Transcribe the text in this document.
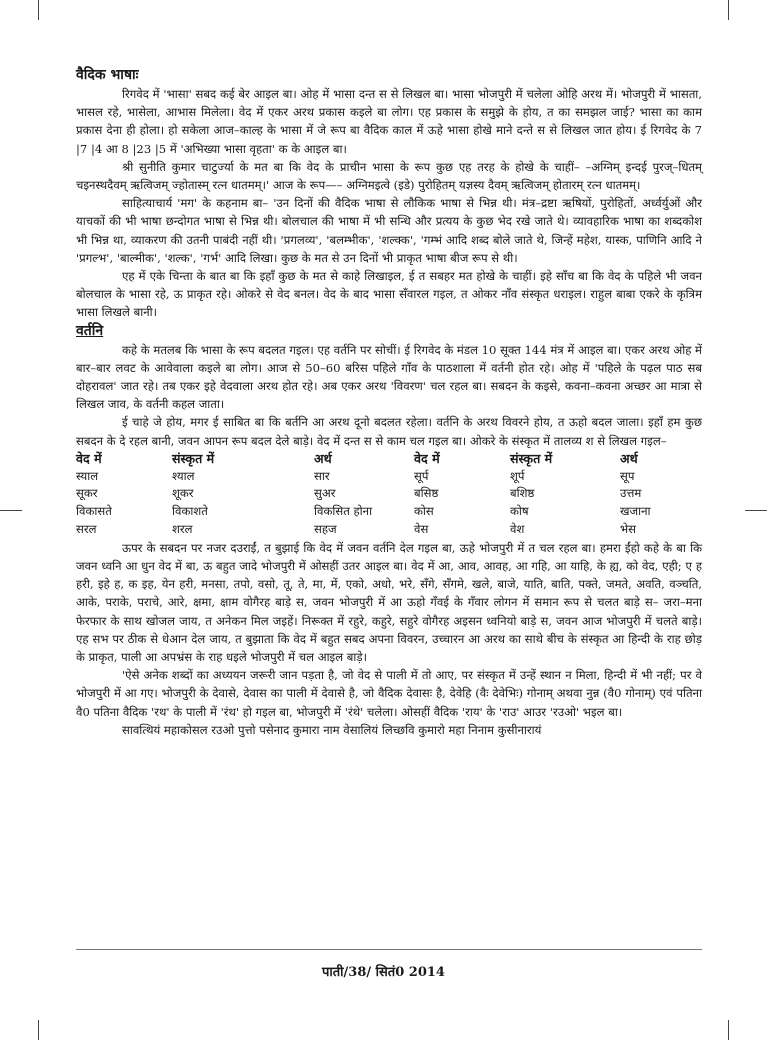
वैदिक भाषाः

रिगवेद में 'भासा' सबद कई बेर आइल बा। ओह में भासा दन्त स से लिखल बा। भासा भोजपुरी में चलेला ओहि अरथ में। भोजपुरी में भासता, भासल रहे, भासेला, आभास मिलेला। वेद में एकर अरथ प्रकास कइले बा लोग। एह प्रकास के समुझे के होय, त का समझल जाई? भासा का काम प्रकास देना ही होला। हो सकेला आज–काल्ह के भासा में जे रूप बा वैदिक काल में ऊहे भासा होखे माने दन्ते स से लिखल जात होय। ई रिगवेद के 7 |7 |4 आ 8 |23 |5 में 'अभिख्या भासा वृहता' क के आइल बा।

श्री सुनीति कुमार चाटुर्ज्या के मत बा कि वेद के प्राचीन भासा के रूप कुछ एह तरह के होखे के चाहीं– –अग्निम् इन्दई पुरज्–धितम् चइनस्थदैवम् ऋत्विजम् ज्होतास्म् रत्न धातमम्।' आज के रूप—– अग्निमइत्वे (इडे) पुरोहितम् यज्ञस्य दैवम् ऋत्विजम् होतारम् रत्न धातमम्।

साहित्याचार्य 'मग' के कहनाम बा– 'उन दिनों की वैदिक भाषा से लौकिक भाषा से भिन्न थी। मंत्र–द्रष्टा ऋषियों, पुरोहितों, अर्ध्वर्युओं और याचकों की भी भाषा छन्दोगत भाषा से भिन्न थी। बोलचाल की भाषा में भी सन्धि और प्रत्यय के कुछ भेद रखे जाते थे। व्यावहारिक भाषा का शब्दकोश भी भिन्न था, व्याकरण की उतनी पाबंदी नहीं थी। 'प्रगलव्य', 'बलम्भीक', 'शल्क्क', 'गम्भं आदि शब्द बोले जाते थे, जिन्हें महेश, यास्क, पाणिनि आदि ने 'प्रगल्भ', 'बाल्मीक', 'शल्क', 'गर्भ' आदि लिखा। कुछ के मत से उन दिनों भी प्राकृत भाषा बीज रूप से थी।

एह में एके चिन्ता के बात बा कि इहाँ कुछ के मत से काहे लिखाइल, ई त सबहर मत होखे के चाहीं। इहे साँच बा कि वेद के पहिले भी जवन बोलचाल के भासा रहे, ऊ प्राकृत रहे। ओकरे से वेद बनल। वेद के बाद भासा सँवारल गइल, त ओकर नाँव संस्कृत धराइल। राहुल बाबा एकरे के कृत्रिम भासा लिखले बानी।

वर्तनि

कहे के मतलब कि भासा के रूप बदलत गइल। एह वर्तनि पर सोचीं। ई रिगवेद के मंडल 10 सूक्त 144 मंत्र में आइल बा। एकर अरथ ओह में बार–बार लवट के आवेवाला कइले बा लोग। आज से 50–60 बरिस पहिले गाँव के पाठशाला में वर्तनी होत रहे। ओह में 'पहिले के पढ़ल पाठ सब दोहरावल' जात रहे। तब एकर इहे वेदवाला अरथ होत रहे। अब एकर अरथ 'विवरण' चल रहल बा। सबदन के कइसे, कवना–कवना अच्छर आ मात्रा से लिखल जाव, के वर्तनी कहल जाता।

ई चाहे जे होय, मगर ई साबित बा कि बर्तनि आ अरथ दूनो बदलत रहेला। वर्तनि के अरथ विवरने होय, त ऊहो बदल जाला। इहाँ हम कुछ सबदन के दे रहल बानी, जवन आपन रूप बदल देले बाड़े। वेद में दन्त स से काम चल गइल बा। ओकरे के संस्कृत में तालव्य श से लिखल गइल–

वेद में	संस्कृत में	अर्थ	वेद में	संस्कृत में	अर्थ
स्याल	श्याल	सार	सूर्प	शूर्प	सूप
सूकर	शूकर	सुअर	बसिष्ठ	बशिष्ठ	उत्तम
विकासते	विकाशते	विकसित होना	कोस	कोष	खजाना
सरल	शरल	सहज	वेस	वेश	भेस

ऊपर के सबदन पर नजर दउराईं, त बुझाई कि वेद में जवन वर्तनि देल गइल बा, ऊहे भोजपुरी में त चल रहल बा। हमरा ईंहो कहे के बा कि जवन ध्वनि आ धुन वेद में बा, ऊ बहुत जादे भोजपुरी में ओसहीं उतर आइल बा। वेद में आ, आव, आवह, आ गहि, आ याहि, के ह्य, को वेद, एही; ए ह हरी, इहे ह, क इह, येन हरी, मनसा, तपो, वसो, तू, ते, मा, में, एको, अधो, भरे, सँगे, सँगमे, खले, बाजे, याति, बाति, पक्ते, जमते, अवति, वञ्चति, आके, पराके, पराचे, आरे, क्षमा, क्षाम वोगैरह बाड़े स, जवन भोजपुरी में आ ऊहो गँवई के गँवार लोगन में समान रूप से चलत बाड़े स– जरा–मना फेरफार के साथ खोजल जाय, त अनेकन मिल जइहें। निरूक्त में रहुरे, कहुरे, सहुरे वोगैरह अइसन ध्वनियो बाड़े स, जवन आज भोजपुरी में चलते बाड़े। एह सभ पर ठीक से धेआन देल जाय, त बुझाता कि वेद में बहुत सबद अपना विवरन, उच्चारन आ अरथ का साथे बीच के संस्कृत आ हिन्दी के राह छोड़ के प्राकृत, पाली आ अपभ्रंस के राह धइले भोजपुरी में चल आइल बाड़े।

'ऐसे अनेक शब्दों का अध्ययन जरूरी जान पड़ता है, जो वेद से पाली में तो आए, पर संस्कृत में उन्हें स्थान न मिला, हिन्दी में भी नहीं; पर वे भोजपुरी में आ गए। भोजपुरी के देवासे, देवास का पाली में देवासे है, जो वैदिक देवासः है, देवेहि (वैः देवेभिः) गोनाम् अथवा नुन्न (वै0 गोनाम्) एवं पतिना वै0 पतिना वैदिक 'रथ' के पाली में 'रंथ' हो गइल बा, भोजपुरी में 'रंथे' चलेला। ओसहीं वैदिक 'राय' के 'राउ' आउर 'रउओ' भइल बा।

सावत्थियं महाकोसल रउओ पुत्तो पसेनाद कुमारा नाम वेसालियं लिच्छवि कुमारो महा निनाम कुसीनारायं

पाती/38/ सितं0 2014
